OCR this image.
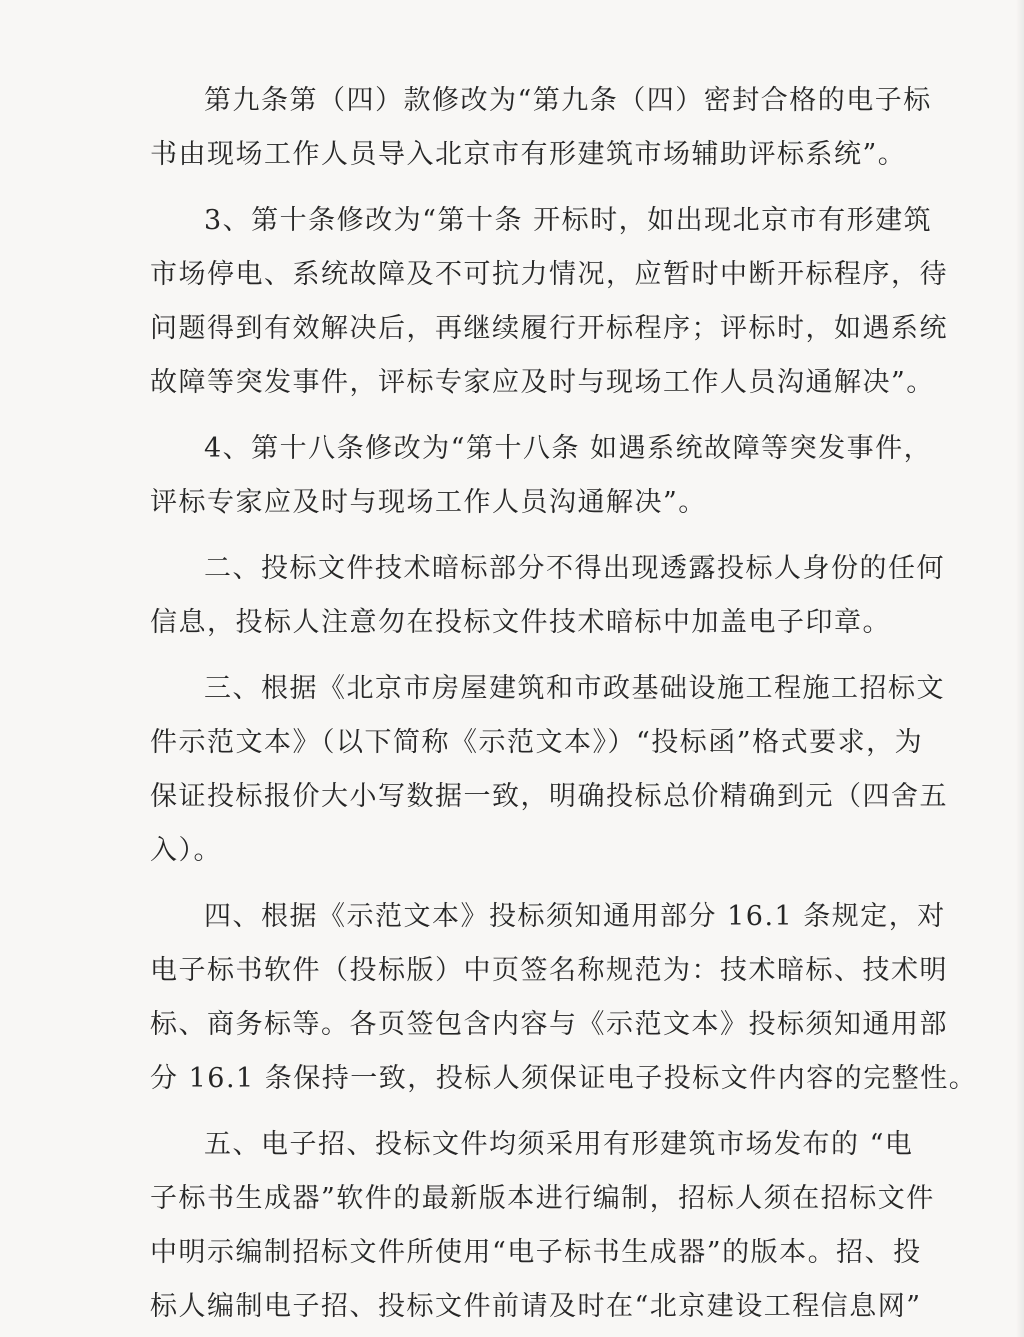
第九条第（四）款修改为“第九条（四）密封合格的电子标
书由现场工作人员导入北京市有形建筑市场辅助评标系统”。

3、第十条修改为“第十条 开标时，如出现北京市有形建筑
市场停电、系统故障及不可抗力情况，应暂时中断开标程序，待
问题得到有效解决后，再继续履行开标程序；评标时，如遇系统
故障等突发事件，评标专家应及时与现场工作人员沟通解决”。

4、第十八条修改为“第十八条 如遇系统故障等突发事件，
评标专家应及时与现场工作人员沟通解决”。

二、投标文件技术暗标部分不得出现透露投标人身份的任何
信息，投标人注意勿在投标文件技术暗标中加盖电子印章。

三、根据《北京市房屋建筑和市政基础设施工程施工招标文
件示范文本》（以下简称《示范文本》）“投标函”格式要求，为
保证投标报价大小写数据一致，明确投标总价精确到元（四舍五
入）。

四、根据《示范文本》投标须知通用部分 16.1 条规定，对
电子标书软件（投标版）中页签名称规范为：技术暗标、技术明
标、商务标等。各页签包含内容与《示范文本》投标须知通用部
分 16.1 条保持一致，投标人须保证电子投标文件内容的完整性。

五、电子招、投标文件均须采用有形建筑市场发布的 “电
子标书生成器”软件的最新版本进行编制，招标人须在招标文件
中明示编制招标文件所使用“电子标书生成器”的版本。招、投
标人编制电子招、投标文件前请及时在“北京建设工程信息网”
